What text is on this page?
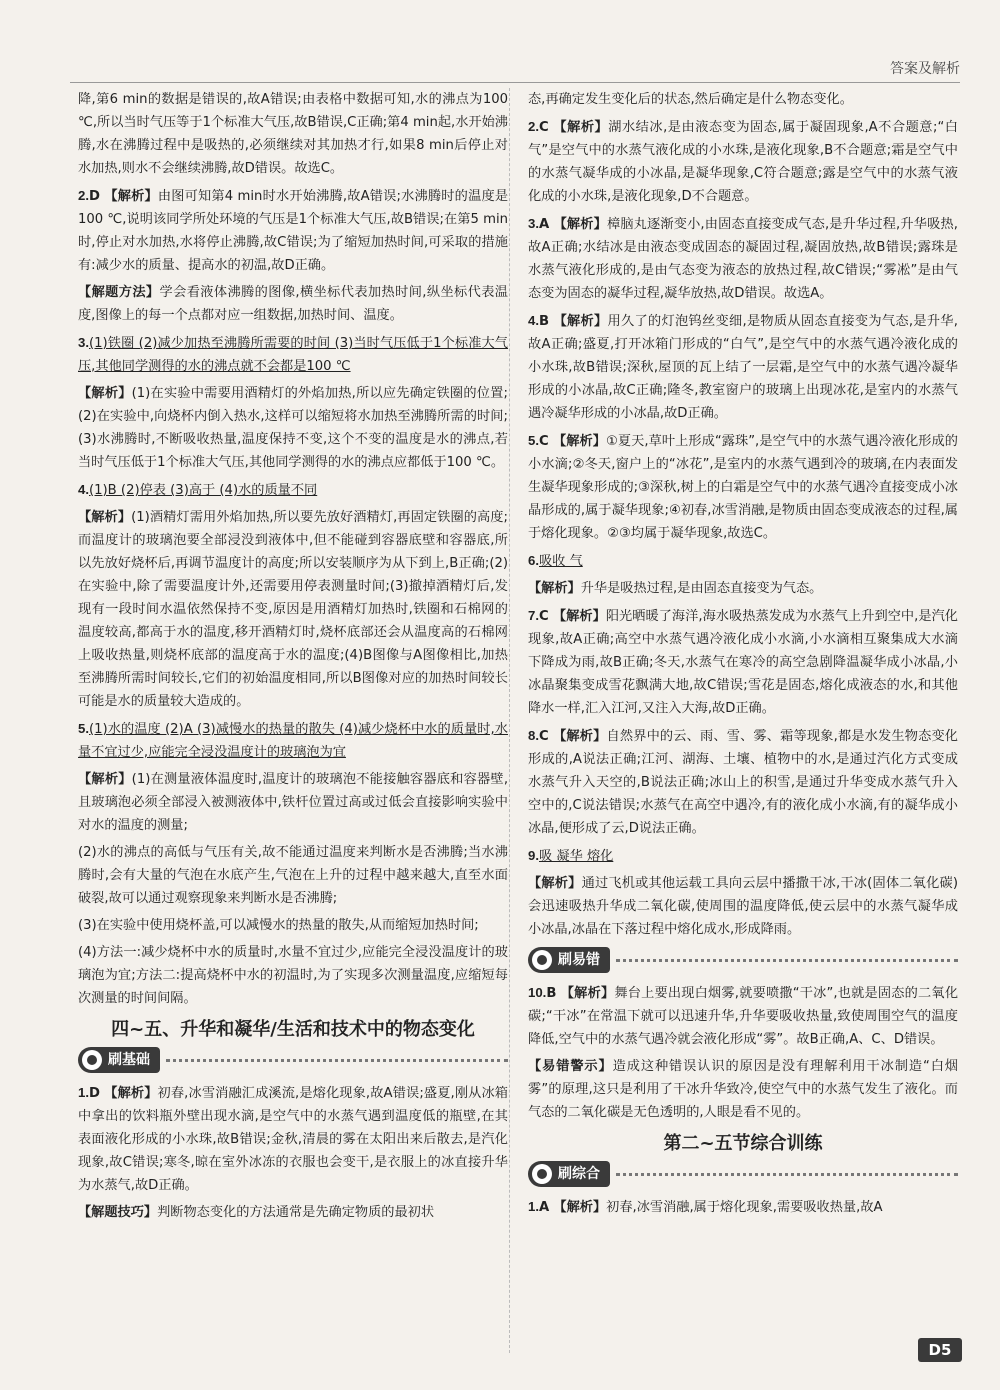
答案及解析

降,第6 min的数据是错误的,故A错误;由表格中数据可知,水的沸点为100 ℃,所以当时气压等于1个标准大气压,故B错误,C正确;第4 min起,水开始沸腾,水在沸腾过程中是吸热的,必须继续对其加热才行,如果8 min后停止对水加热,则水不会继续沸腾,故D错误。故选C。

2.D 【解析】由图可知第4 min时水开始沸腾,故A错误;水沸腾时的温度是100 ℃,说明该同学所处环境的气压是1个标准大气压,故B错误;在第5 min时,停止对水加热,水将停止沸腾,故C错误;为了缩短加热时间,可采取的措施有:减少水的质量、提高水的初温,故D正确。

【解题方法】学会看液体沸腾的图像,横坐标代表加热时间,纵坐标代表温度,图像上的每一个点都对应一组数据,加热时间、温度。

3.(1)铁圈 (2)减少加热至沸腾所需要的时间 (3)当时气压低于1个标准大气压,其他同学测得的水的沸点就不会都是100 ℃

【解析】(1)在实验中需要用酒精灯的外焰加热,所以应先确定铁圈的位置;(2)在实验中,向烧杯内倒入热水,这样可以缩短将水加热至沸腾所需的时间;(3)水沸腾时,不断吸收热量,温度保持不变,这个不变的温度是水的沸点,若当时气压低于1个标准大气压,其他同学测得的水的沸点应都低于100 ℃。

4.(1)B (2)停表 (3)高于 (4)水的质量不同

【解析】(1)酒精灯需用外焰加热,所以要先放好酒精灯,再固定铁圈的高度;而温度计的玻璃泡要全部浸没到液体中,但不能碰到容器底壁和容器底,所以先放好烧杯后,再调节温度计的高度;所以安装顺序为从下到上,B正确;(2)在实验中,除了需要温度计外,还需要用停表测量时间;(3)撤掉酒精灯后,发现有一段时间水温依然保持不变,原因是用酒精灯加热时,铁圈和石棉网的温度较高,都高于水的温度,移开酒精灯时,烧杯底部还会从温度高的石棉网上吸收热量,则烧杯底部的温度高于水的温度;(4)B图像与A图像相比,加热至沸腾所需时间较长,它们的初始温度相同,所以B图像对应的加热时间较长可能是水的质量较大造成的。

5.(1)水的温度 (2)A (3)减慢水的热量的散失 (4)减少烧杯中水的质量时,水量不宜过少,应能完全浸没温度计的玻璃泡为宜

【解析】(1)在测量液体温度时,温度计的玻璃泡不能接触容器底和容器壁,且玻璃泡必须全部浸入被测液体中,铁杆位置过高或过低会直接影响实验中对水的温度的测量;

(2)水的沸点的高低与气压有关,故不能通过温度来判断水是否沸腾;当水沸腾时,会有大量的气泡在水底产生,气泡在上升的过程中越来越大,直至水面破裂,故可以通过观察现象来判断水是否沸腾;

(3)在实验中使用烧杯盖,可以减慢水的热量的散失,从而缩短加热时间;

(4)方法一:减少烧杯中水的质量时,水量不宜过少,应能完全浸没温度计的玻璃泡为宜;方法二:提高烧杯中水的初温时,为了实现多次测量温度,应缩短每次测量的时间间隔。

四~五、升华和凝华/生活和技术中的物态变化
刷基础

1.D 【解析】初春,冰雪消融汇成溪流,是熔化现象,故A错误;盛夏,刚从冰箱中拿出的饮料瓶外壁出现水滴,是空气中的水蒸气遇到温度低的瓶壁,在其表面液化形成的小水珠,故B错误;金秋,清晨的雾在太阳出来后散去,是汽化现象,故C错误;寒冬,晾在室外冰冻的衣服也会变干,是衣服上的冰直接升华为水蒸气,故D正确。

【解题技巧】判断物态变化的方法通常是先确定物质的最初状

态,再确定发生变化后的状态,然后确定是什么物态变化。

2.C 【解析】湖水结冰,是由液态变为固态,属于凝固现象,A不合题意;“白气”是空气中的水蒸气液化成的小水珠,是液化现象,B不合题意;霜是空气中的水蒸气凝华成的小冰晶,是凝华现象,C符合题意;露是空气中的水蒸气液化成的小水珠,是液化现象,D不合题意。

3.A 【解析】樟脑丸逐渐变小,由固态直接变成气态,是升华过程,升华吸热,故A正确;水结冰是由液态变成固态的凝固过程,凝固放热,故B错误;露珠是水蒸气液化形成的,是由气态变为液态的放热过程,故C错误;“雾凇”是由气态变为固态的凝华过程,凝华放热,故D错误。故选A。

4.B 【解析】用久了的灯泡钨丝变细,是物质从固态直接变为气态,是升华,故A正确;盛夏,打开冰箱门形成的“白气”,是空气中的水蒸气遇冷液化成的小水珠,故B错误;深秋,屋顶的瓦上结了一层霜,是空气中的水蒸气遇冷凝华形成的小冰晶,故C正确;隆冬,教室窗户的玻璃上出现冰花,是室内的水蒸气遇冷凝华形成的小冰晶,故D正确。

5.C 【解析】①夏天,草叶上形成“露珠”,是空气中的水蒸气遇冷液化形成的小水滴;②冬天,窗户上的“冰花”,是室内的水蒸气遇到冷的玻璃,在内表面发生凝华现象形成的;③深秋,树上的白霜是空气中的水蒸气遇冷直接变成小冰晶形成的,属于凝华现象;④初春,冰雪消融,是物质由固态变成液态的过程,属于熔化现象。②③均属于凝华现象,故选C。

6.吸收 气

【解析】升华是吸热过程,是由固态直接变为气态。

7.C 【解析】阳光晒暖了海洋,海水吸热蒸发成为水蒸气上升到空中,是汽化现象,故A正确;高空中水蒸气遇冷液化成小水滴,小水滴相互聚集成大水滴下降成为雨,故B正确;冬天,水蒸气在寒冷的高空急剧降温凝华成小冰晶,小冰晶聚集变成雪花飘满大地,故C错误;雪花是固态,熔化成液态的水,和其他降水一样,汇入江河,又注入大海,故D正确。

8.C 【解析】自然界中的云、雨、雪、雾、霜等现象,都是水发生物态变化形成的,A说法正确;江河、湖海、土壤、植物中的水,是通过汽化方式变成水蒸气升入天空的,B说法正确;冰山上的积雪,是通过升华变成水蒸气升入空中的,C说法错误;水蒸气在高空中遇冷,有的液化成小水滴,有的凝华成小冰晶,便形成了云,D说法正确。

9.吸 凝华 熔化

【解析】通过飞机或其他运载工具向云层中播撒干冰,干冰(固体二氧化碳)会迅速吸热升华成二氧化碳,使周围的温度降低,使云层中的水蒸气凝华成小冰晶,冰晶在下落过程中熔化成水,形成降雨。

刷易错

10.B 【解析】舞台上要出现白烟雾,就要喷撒“干冰”,也就是固态的二氧化碳;“干冰”在常温下就可以迅速升华,升华要吸收热量,致使周围空气的温度降低,空气中的水蒸气遇冷就会液化形成“雾”。故B正确,A、C、D错误。

【易错警示】造成这种错误认识的原因是没有理解利用干冰制造“白烟雾”的原理,这只是利用了干冰升华致冷,使空气中的水蒸气发生了液化。而气态的二氧化碳是无色透明的,人眼是看不见的。

第二~五节综合训练
刷综合

1.A 【解析】初春,冰雪消融,属于熔化现象,需要吸收热量,故A

D5
